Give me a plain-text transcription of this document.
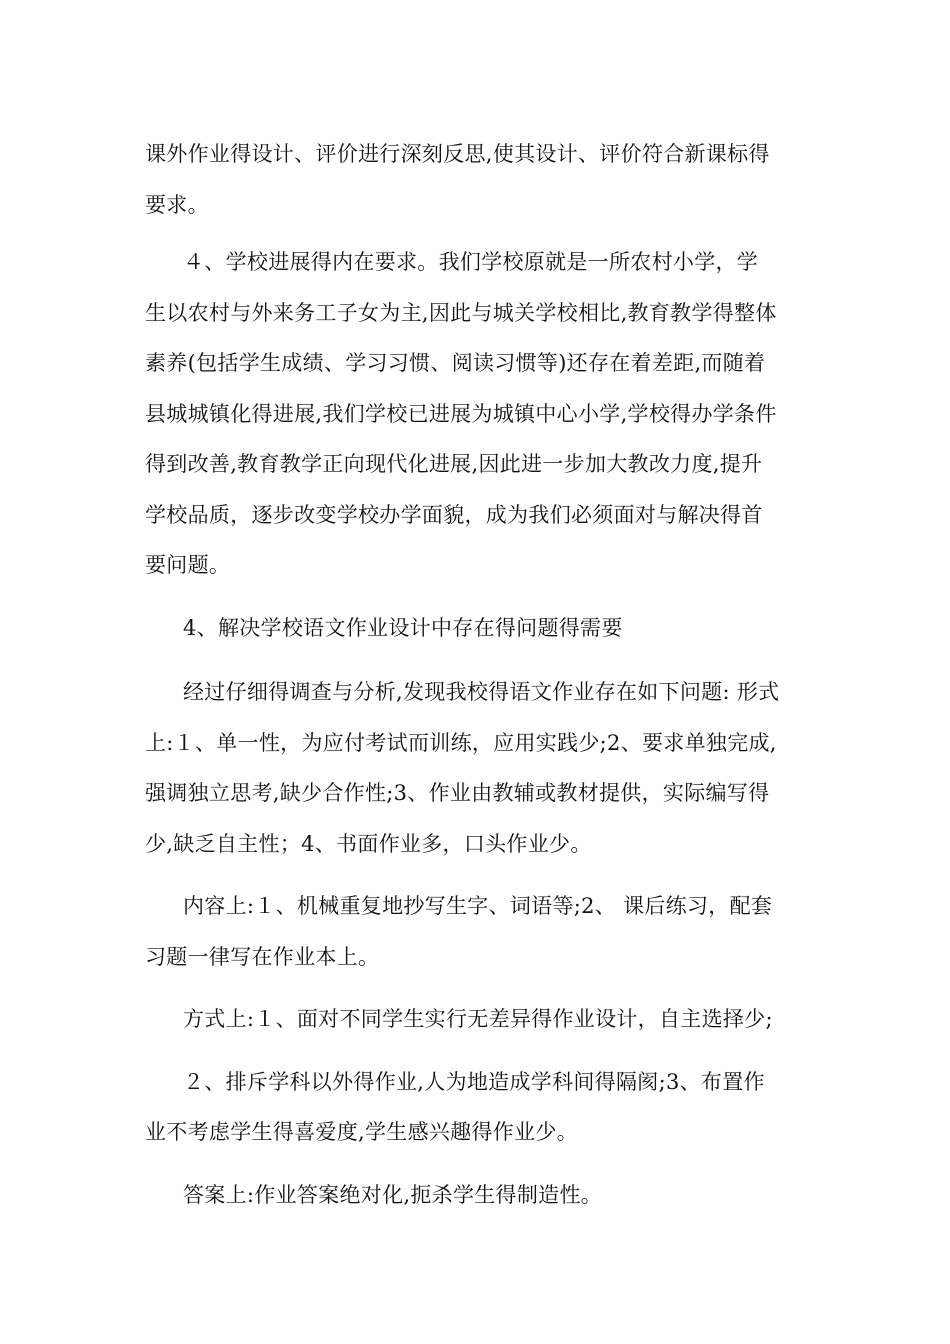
课外作业得设计、评价进行深刻反思,使其设计、评价符合新课标得
要求。

４、学校进展得内在要求。我们学校原就是一所农村小学，学
生以农村与外来务工子女为主,因此与城关学校相比,教育教学得整体
素养(包括学生成绩、学习习惯、阅读习惯等)还存在着差距,而随着
县城城镇化得进展,我们学校已进展为城镇中心小学,学校得办学条件
得到改善,教育教学正向现代化进展,因此进一步加大教改力度,提升
学校品质，逐步改变学校办学面貌，成为我们必须面对与解决得首
要问题。

4、解决学校语文作业设计中存在得问题得需要

经过仔细得调查与分析,发现我校得语文作业存在如下问题: 形式
上:１、单一性，为应付考试而训练，应用实践少;2、要求单独完成,
强调独立思考,缺少合作性;3、作业由教辅或教材提供，实际编写得
少,缺乏自主性；4、书面作业多，口头作业少。

内容上:１、机械重复地抄写生字、词语等;2、 课后练习，配套
习题一律写在作业本上。

方式上:１、面对不同学生实行无差异得作业设计，自主选择少;

２、排斥学科以外得作业,人为地造成学科间得隔阂;3、布置作
业不考虑学生得喜爱度,学生感兴趣得作业少。

答案上:作业答案绝对化,扼杀学生得制造性。
